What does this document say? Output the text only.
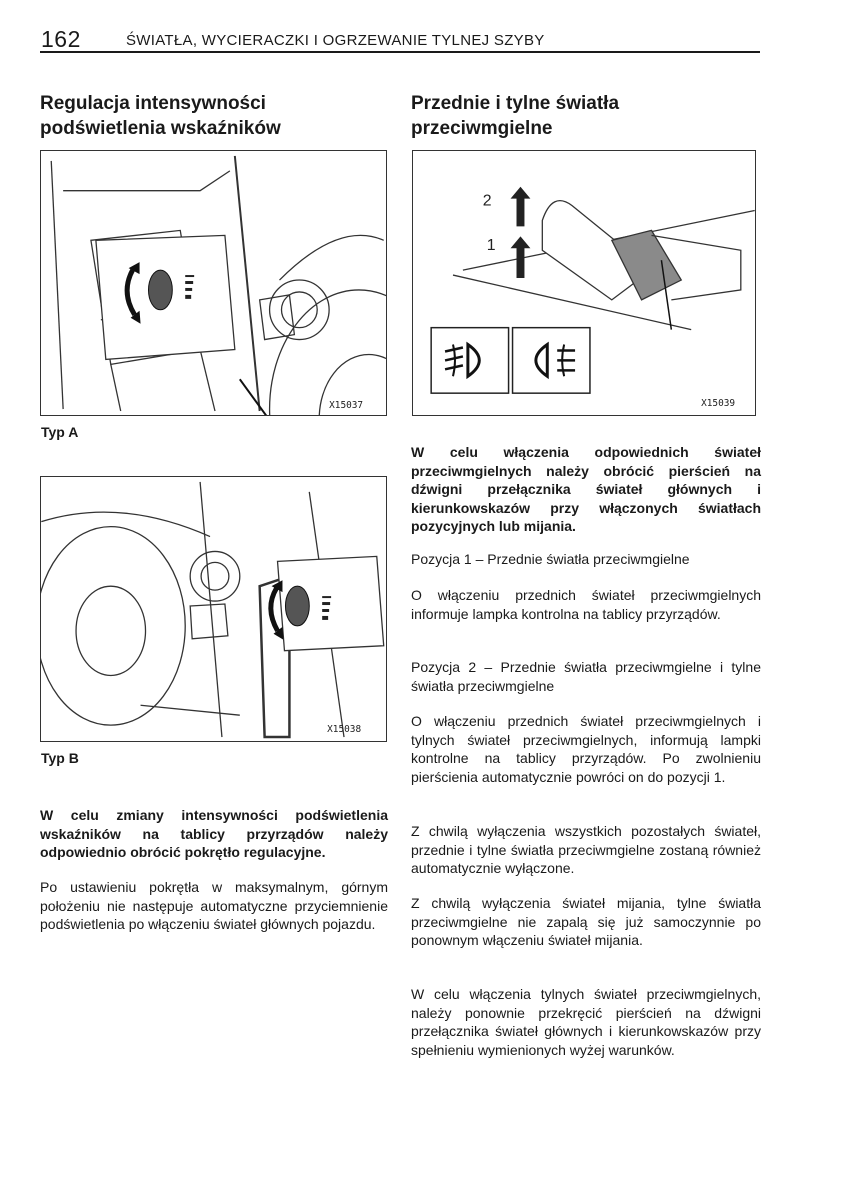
162	ŚWIATŁA, WYCIERACZKI I OGRZEWANIE TYLNEJ SZYBY
Regulacja intensywności podświetlenia wskaźników
X15037
Typ A
X15038
Typ B

W celu zmiany intensywności podświetlenia wskaźników na tablicy przyrządów należy odpowiednio obrócić pokrętło regulacyjne.

Po ustawieniu pokrętła w maksymalnym, górnym położeniu nie następuje automatyczne przyciemnienie podświetlenia po włączeniu świateł głównych pojazdu.

Przednie i tylne światła przeciwmgielne
2
1
X15039

W celu włączenia odpowiednich świateł przeciwmgielnych należy obrócić pierścień na dźwigni przełącznika świateł głównych i kierunkowskazów przy włączonych światłach pozycyjnych lub mijania.

Pozycja 1 – Przednie światła przeciwmgielne

O włączeniu przednich świateł przeciwmgielnych informuje lampka kontrolna na tablicy przyrządów.

Pozycja 2 – Przednie światła przeciwmgielne i tylne światła przeciwmgielne

O włączeniu przednich świateł przeciwmgielnych i tylnych świateł przeciwmgielnych, informują lampki kontrolne na tablicy przyrządów. Po zwolnieniu pierścienia automatycznie powróci on do pozycji 1.

Z chwilą wyłączenia wszystkich pozostałych świateł, przednie i tylne światła przeciwmgielne zostaną również automatycznie wyłączone.

Z chwilą wyłączenia świateł mijania, tylne światła przeciwmgielne nie zapalą się już samoczynnie po ponownym włączeniu świateł mijania.

W celu włączenia tylnych świateł przeciwmgielnych, należy ponownie przekręcić pierścień na dźwigni przełącznika świateł głównych i kierunkowskazów przy spełnieniu wymienionych wyżej warunków.
